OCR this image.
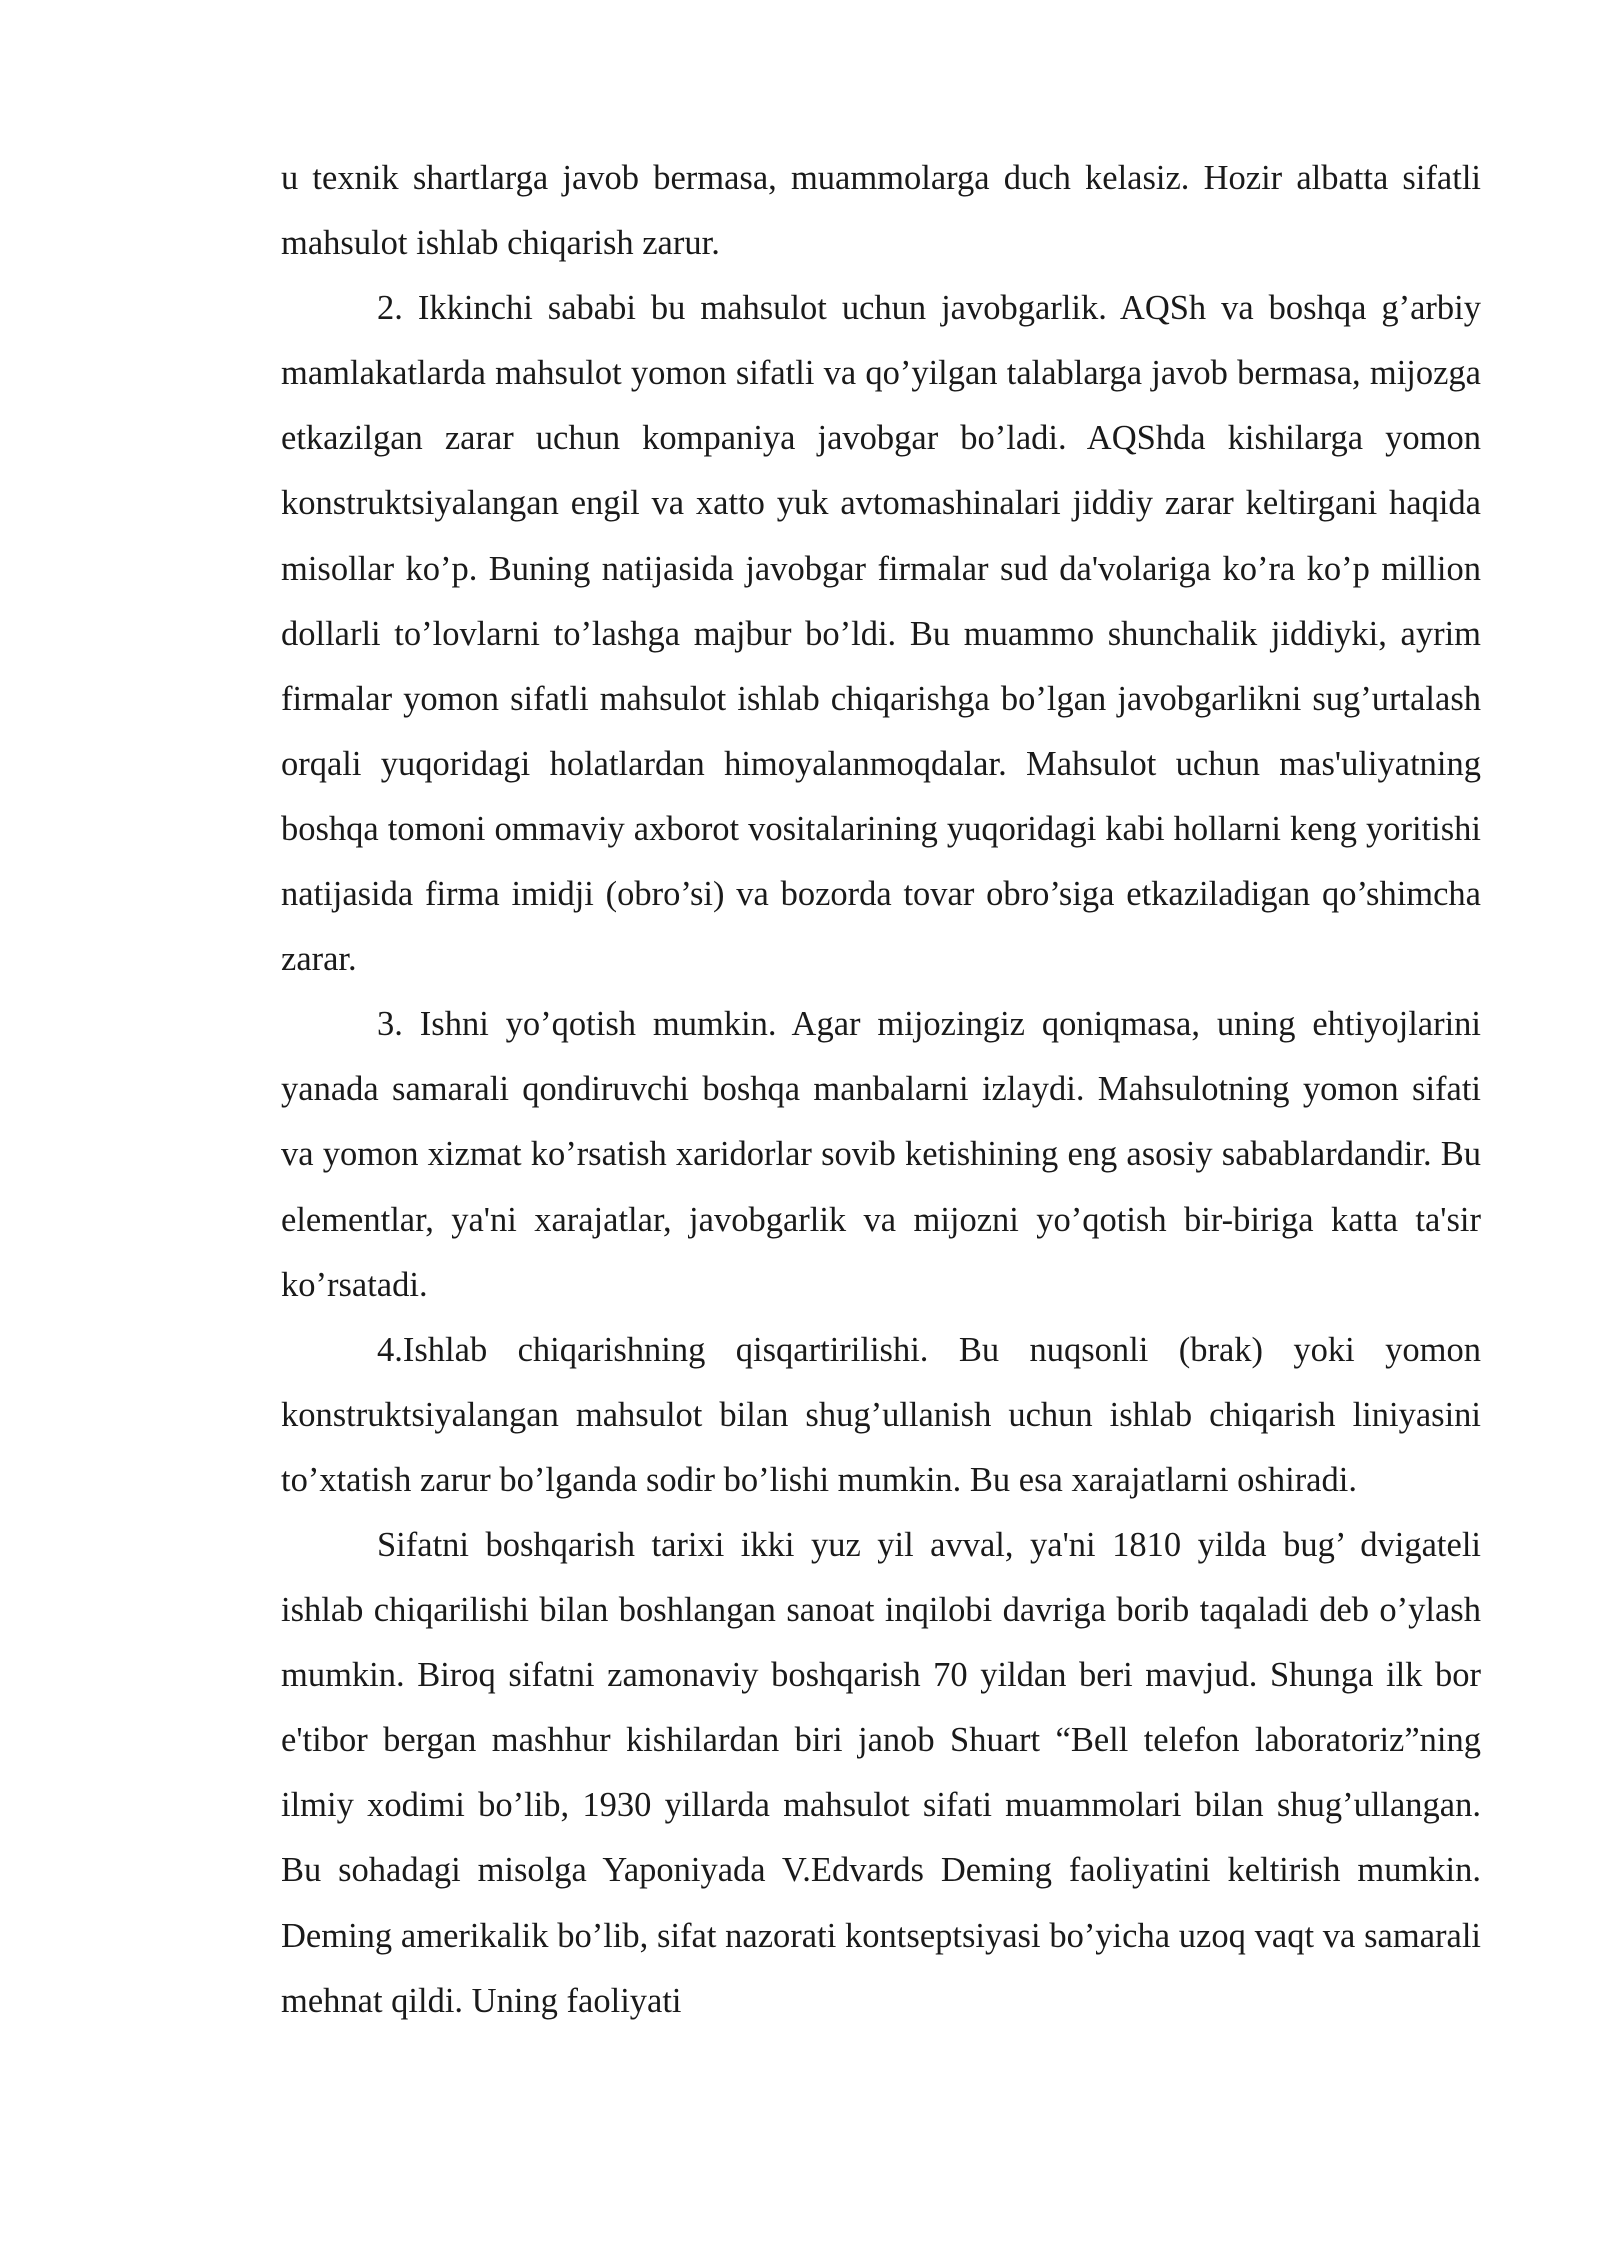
u texnik shartlarga javob bermasa, muammolarga duch kelasiz. Hozir albatta sifatli mahsulot ishlab chiqarish zarur.

2. Ikkinchi sababi bu mahsulot uchun javobgarlik. AQSh va boshqa g’arbiy mamlakatlarda mahsulot yomon sifatli va qo’yilgan talablarga javob bermasa, mijozga etkazilgan zarar uchun kompaniya javobgar bo’ladi. AQShda kishilarga yomon konstruktsiyalangan engil va xatto yuk avtomashinalari jiddiy zarar keltirgani haqida misollar ko’p. Buning natijasida javobgar firmalar sud da'volariga ko’ra ko’p million dollarli to’lovlarni to’lashga majbur bo’ldi. Bu muammo shunchalik jiddiyki, ayrim firmalar yomon sifatli mahsulot ishlab chiqarishga bo’lgan javobgarlikni sug’urtalash orqali yuqoridagi holatlardan himoyalanmoqdalar. Mahsulot uchun mas'uliyatning boshqa tomoni ommaviy axborot vositalarining yuqoridagi kabi hollarni keng yoritishi natijasida firma imidji (obro’si) va bozorda tovar obro’siga etkaziladigan qo’shimcha zarar.

3. Ishni yo’qotish mumkin. Agar mijozingiz qoniqmasa, uning ehtiyojlarini yanada samarali qondiruvchi boshqa manbalarni izlaydi. Mahsulotning yomon sifati va yomon xizmat ko’rsatish xaridorlar sovib ketishining eng asosiy sabablardandir. Bu elementlar, ya'ni xarajatlar, javobgarlik va mijozni yo’qotish bir-biriga katta ta'sir ko’rsatadi.

4.Ishlab chiqarishning qisqartirilishi. Bu nuqsonli (brak) yoki yomon konstruktsiyalangan mahsulot bilan shug’ullanish uchun ishlab chiqarish liniyasini to’xtatish zarur bo’lganda sodir bo’lishi mumkin. Bu esa xarajatlarni oshiradi.

Sifatni boshqarish tarixi ikki yuz yil avval, ya'ni 1810 yilda bug’ dvigateli ishlab chiqarilishi bilan boshlangan sanoat inqilobi davriga borib taqaladi deb o’ylash mumkin. Biroq sifatni zamonaviy boshqarish 70 yildan beri mavjud. Shunga ilk bor e'tibor bergan mashhur kishilardan biri janob Shuart “Bell telefon laboratoriz”ning ilmiy xodimi bo’lib, 1930 yillarda mahsulot sifati muammolari bilan shug’ullangan. Bu sohadagi misolga Yaponiyada V.Edvards Deming faoliyatini keltirish mumkin. Deming amerikalik bo’lib, sifat nazorati kontseptsiyasi bo’yicha uzoq vaqt va samarali mehnat qildi. Uning faoliyati
